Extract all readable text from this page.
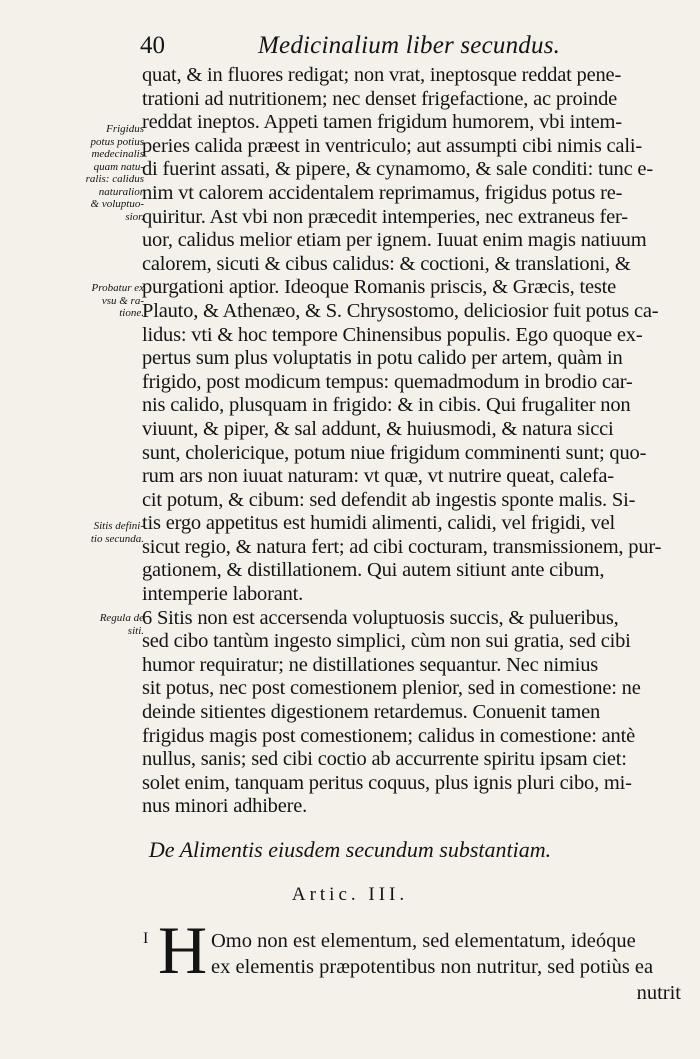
40	Medicinalium liber secundus.
quat, & in fluores redigat; non vrat, ineptosque reddat pene-
trationi ad nutritionem; nec denset frigefactione, ac proinde
reddat ineptos. Appeti tamen frigidum humorem, vbi intem-
peries calida præest in ventriculo; aut assumpti cibi nimis cali-
di fuerint assati, & pipere, & cynamomo, & sale conditi: tunc e-
nim vt calorem accidentalem reprimamus, frigidus potus re-
quiritur. Ast vbi non præcedit intemperies, nec extraneus fer-
uor, calidus melior etiam per ignem. Iuuat enim magis natiuum
calorem, sicuti & cibus calidus: & coctioni, & translationi, &
purgationi aptior. Ideoque Romanis priscis, & Græcis, teste
Plauto, & Athenæo, & S. Chrysostomo, deliciosior fuit potus ca-
lidus: vti & hoc tempore Chinensibus populis. Ego quoque ex-
pertus sum plus voluptatis in potu calido per artem, quàm in
frigido, post modicum tempus: quemadmodum in brodio car-
nis calido, plusquam in frigido: & in cibis. Qui frugaliter non
viuunt, & piper, & sal addunt, & huiusmodi, & natura sicci
sunt, cholericique, potum niue frigidum comminenti sunt; quo-
rum ars non iuuat naturam: vt quæ, vt nutrire queat, calefa-
cit potum, & cibum: sed defendit ab ingestis sponte malis. Si-
tis ergo appetitus est humidi alimenti, calidi, vel frigidi, vel
sicut regio, & natura fert; ad cibi cocturam, transmissionem, pur-
gationem, & distillationem. Qui autem sitiunt ante cibum,
intemperie laborant.
6 Sitis non est accersenda voluptuosis succis, & pulueribus,
sed cibo tantùm ingesto simplici, cùm non sui gratia, sed cibi
humor requiratur; ne distillationes sequantur. Nec nimius
sit potus, nec post comestionem plenior, sed in comestione: ne
deinde sitientes digestionem retardemus. Conuenit tamen
frigidus magis post comestionem; calidus in comestione: antè
nullus, sanis; sed cibi coctio ab accurrente spiritu ipsam ciet:
solet enim, tanquam peritus coquus, plus ignis pluri cibo, mi-
nus minori adhibere.
Frigidus
potus potius
medecinalis
quam natu-
ralis: calidus
naturalior
& voluptuo-
sior.
Probatur ex
vsu & ra-
tione.
Sitis defini-
tio secunda.
Regula de
siti.
De Alimentis eiusdem secundum substantiam.
Artic. III.
I H Omo non est elementum, sed elementatum, ideóque
ex elementis præpotentibus non nutritur, sed potiùs ea
nutrit
